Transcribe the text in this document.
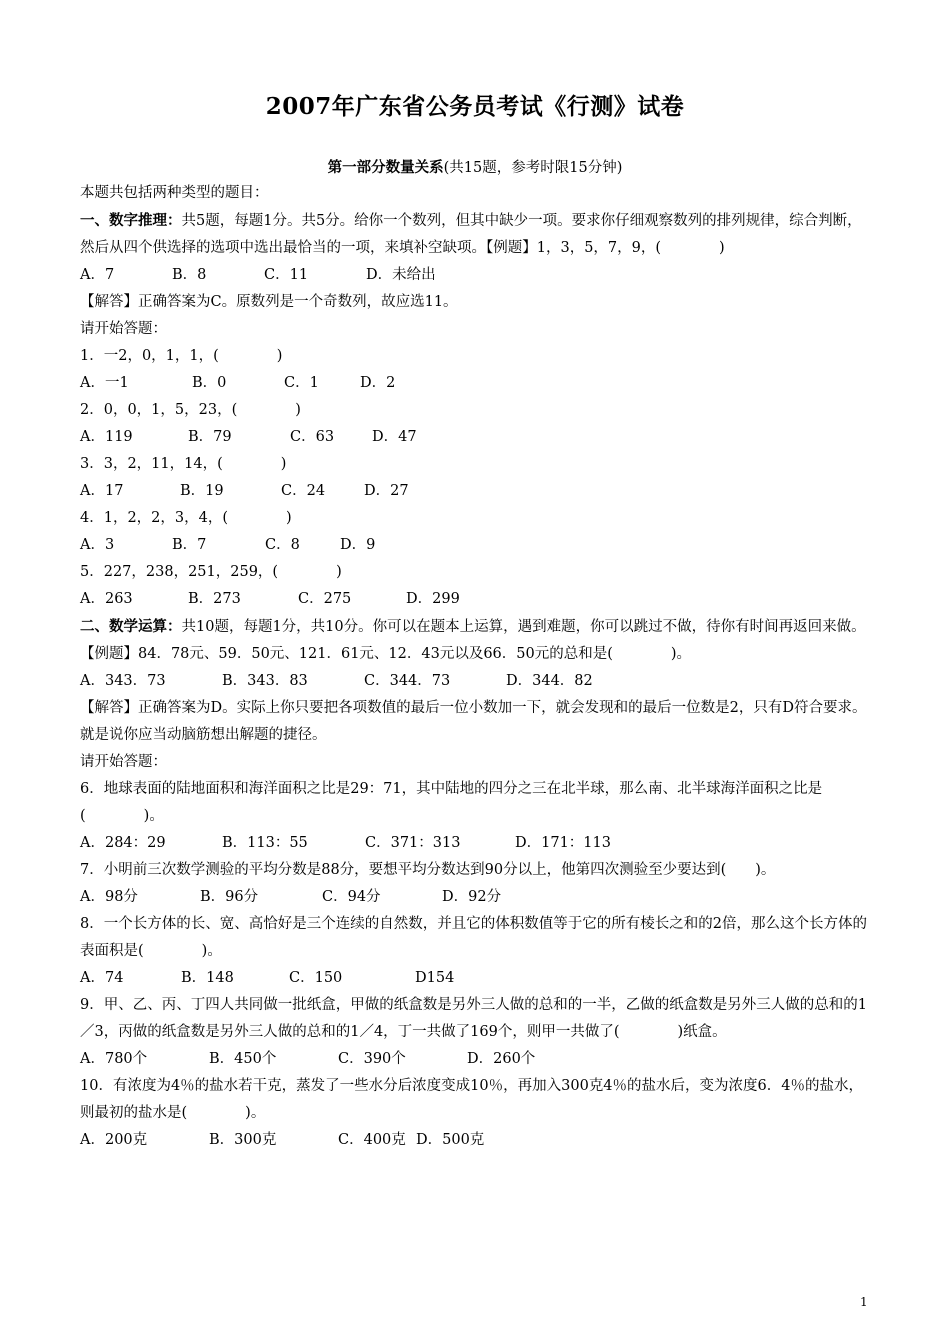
2007年广东省公务员考试《行测》试卷
第一部分数量关系(共15题，参考时限15分钟)
本题共包括两种类型的题目：
一、数字推理：共5题，每题1分。共5分。给你一个数列，但其中缺少一项。要求你仔细观察数列的排列规律，综合判断，然后从四个供选择的选项中选出最恰当的一项，来填补空缺项。【例题】1，3，5，7，9，(　　　　)
A．7	B．8	C．11	D．未给出
【解答】正确答案为C。原数列是一个奇数列，故应选11。
请开始答题：
1．一2，0，1，1，(　　　　)
A．一1	B．0	C．1	D．2
2．0，0，1，5，23，(　　　　)
A．119	B．79	C．63	D．47
3．3，2，11，14，(　　　　)
A．17	B．19	C．24	D．27
4．1，2，2，3，4，(　　　　)
A．3	B．7	C．8	D．9
5．227，238，251，259，(　　　　)
A．263	B．273	C．275	D．299
二、数学运算：共10题，每题1分，共10分。你可以在题本上运算，遇到难题，你可以跳过不做，待你有时间再返回来做。
【例题】84．78元、59．50元、121．61元、12．43元以及66．50元的总和是(　　　　)。
A．343．73	B．343．83	C．344．73	D．344．82
【解答】正确答案为D。实际上你只要把各项数值的最后一位小数加一下，就会发现和的最后一位数是2，只有D符合要求。就是说你应当动脑筋想出解题的捷径。
请开始答题：
6．地球表面的陆地面积和海洋面积之比是29：71，其中陆地的四分之三在北半球，那么南、北半球海洋面积之比是(　　　　)。
A．284：29	B．113：55	C．371：313	D．171：113
7．小明前三次数学测验的平均分数是88分，要想平均分数达到90分以上，他第四次测验至少要达到(　　)。
A．98分	B．96分	C．94分	D．92分
8．一个长方体的长、宽、高恰好是三个连续的自然数，并且它的体积数值等于它的所有棱长之和的2倍，那么这个长方体的表面积是(　　　　)。
A．74	B．148	C．150	D154
9．甲、乙、丙、丁四人共同做一批纸盒，甲做的纸盒数是另外三人做的总和的一半，乙做的纸盒数是另外三人做的总和的1／3，丙做的纸盒数是另外三人做的总和的1／4，丁一共做了169个，则甲一共做了(　　　　)纸盒。
A．780个	B．450个	C．390个	D．260个
10．有浓度为4％的盐水若干克，蒸发了一些水分后浓度变成10％，再加入300克4％的盐水后，变为浓度6．4％的盐水，则最初的盐水是(　　　　)。
A．200克	B．300克	C．400克 D．500克
1
